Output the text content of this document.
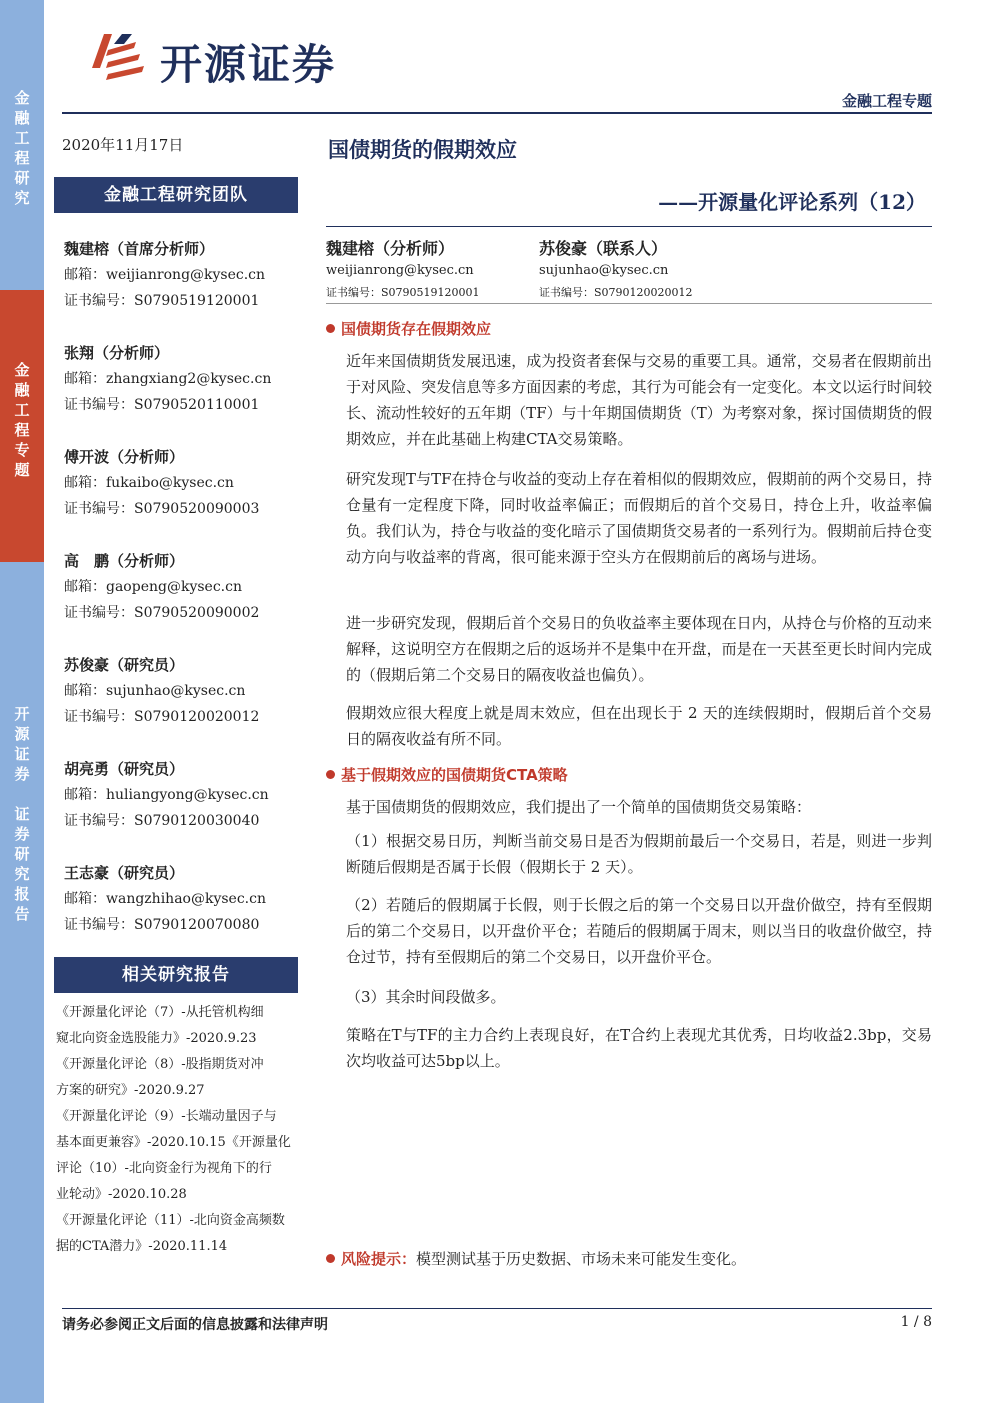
金
融
工
程
研
究
金
融
工
程
专
题
开
源
证
券

证
券
研
究
报
告
开源证券
金融工程专题
2020年11月17日
金融工程研究团队
魏建榕（首席分析师）
邮箱：weijianrong@kysec.cn
证书编号：S0790519120001
张翔（分析师）
邮箱：zhangxiang2@kysec.cn
证书编号：S0790520110001
傅开波（分析师）
邮箱：fukaibo@kysec.cn
证书编号：S0790520090003
高　鹏（分析师）
邮箱：gaopeng@kysec.cn
证书编号：S0790520090002
苏俊豪（研究员）
邮箱：sujunhao@kysec.cn
证书编号：S0790120020012
胡亮勇（研究员）
邮箱：huliangyong@kysec.cn
证书编号：S0790120030040
王志豪（研究员）
邮箱：wangzhihao@kysec.cn
证书编号：S0790120070080
相关研究报告
《开源量化评论（7）-从托管机构细
窥北向资金选股能力》-2020.9.23
《开源量化评论（8）-股指期货对冲
方案的研究》-2020.9.27
《开源量化评论（9）-长端动量因子与
基本面更兼容》-2020.10.15《开源量化
评论（10）-北向资金行为视角下的行
业轮动》-2020.10.28
《开源量化评论（11）-北向资金高频数
据的CTA潜力》-2020.11.14
国债期货的假期效应
——开源量化评论系列（12）
魏建榕（分析师）
weijianrong@kysec.cn
证书编号：S0790519120001
苏俊豪（联系人）
sujunhao@kysec.cn
证书编号：S0790120020012
国债期货存在假期效应
近年来国债期货发展迅速，成为投资者套保与交易的重要工具。通常，交易者在假期前出于对风险、突发信息等多方面因素的考虑，其行为可能会有一定变化。本文以运行时间较长、流动性较好的五年期（TF）与十年期国债期货（T）为考察对象，探讨国债期货的假期效应，并在此基础上构建CTA交易策略。
研究发现T与TF在持仓与收益的变动上存在着相似的假期效应，假期前的两个交易日，持仓量有一定程度下降，同时收益率偏正；而假期后的首个交易日，持仓上升，收益率偏负。我们认为，持仓与收益的变化暗示了国债期货交易者的一系列行为。假期前后持仓变动方向与收益率的背离，很可能来源于空头方在假期前后的离场与进场。
进一步研究发现，假期后首个交易日的负收益率主要体现在日内，从持仓与价格的互动来解释，这说明空方在假期之后的返场并不是集中在开盘，而是在一天甚至更长时间内完成的（假期后第二个交易日的隔夜收益也偏负）。
假期效应很大程度上就是周末效应，但在出现长于 2 天的连续假期时，假期后首个交易日的隔夜收益有所不同。
基于假期效应的国债期货CTA策略
基于国债期货的假期效应，我们提出了一个简单的国债期货交易策略：
（1）根据交易日历，判断当前交易日是否为假期前最后一个交易日，若是，则进一步判断随后假期是否属于长假（假期长于 2 天）。
（2）若随后的假期属于长假，则于长假之后的第一个交易日以开盘价做空，持有至假期后的第二个交易日，以开盘价平仓；若随后的假期属于周末，则以当日的收盘价做空，持仓过节，持有至假期后的第二个交易日，以开盘价平仓。
（3）其余时间段做多。
策略在T与TF的主力合约上表现良好，在T合约上表现尤其优秀，日均收益2.3bp，交易次均收益可达5bp以上。
风险提示：模型测试基于历史数据、市场未来可能发生变化。
请务必参阅正文后面的信息披露和法律声明	1 / 8
